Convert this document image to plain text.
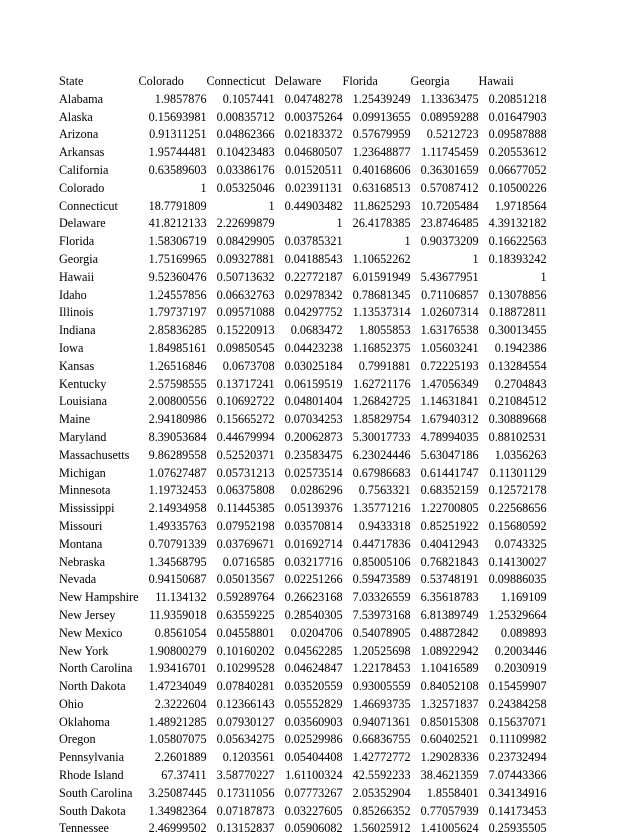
State	Colorado	Connecticut	Delaware	Florida	Georgia	Hawaii
Alabama	1.9857876	0.1057441	0.04748278	1.25439249	1.13363475	0.20851218
Alaska	0.15693981	0.00835712	0.00375264	0.09913655	0.08959288	0.01647903
Arizona	0.91311251	0.04862366	0.02183372	0.57679959	0.5212723	0.09587888
Arkansas	1.95744481	0.10423483	0.04680507	1.23648877	1.11745459	0.20553612
California	0.63589603	0.03386176	0.01520511	0.40168606	0.36301659	0.06677052
Colorado	1	0.05325046	0.02391131	0.63168513	0.57087412	0.10500226
Connecticut	18.7791809	1	0.44903482	11.8625293	10.7205484	1.9718564
Delaware	41.8212133	2.22699879	1	26.4178385	23.8746485	4.39132182
Florida	1.58306719	0.08429905	0.03785321	1	0.90373209	0.16622563
Georgia	1.75169965	0.09327881	0.04188543	1.10652262	1	0.18393242
Hawaii	9.52360476	0.50713632	0.22772187	6.01591949	5.43677951	1
Idaho	1.24557856	0.06632763	0.02978342	0.78681345	0.71106857	0.13078856
Illinois	1.79737197	0.09571088	0.04297752	1.13537314	1.02607314	0.18872811
Indiana	2.85836285	0.15220913	0.0683472	1.8055853	1.63176538	0.30013455
Iowa	1.84985161	0.09850545	0.04423238	1.16852375	1.05603241	0.1942386
Kansas	1.26516846	0.0673708	0.03025184	0.7991881	0.72225193	0.13284554
Kentucky	2.57598555	0.13717241	0.06159519	1.62721176	1.47056349	0.2704843
Louisiana	2.00800556	0.10692722	0.04801404	1.26842725	1.14631841	0.21084512
Maine	2.94180986	0.15665272	0.07034253	1.85829754	1.67940312	0.30889668
Maryland	8.39053684	0.44679994	0.20062873	5.30017733	4.78994035	0.88102531
Massachusetts	9.86289558	0.52520371	0.23583475	6.23024446	5.63047186	1.0356263
Michigan	1.07627487	0.05731213	0.02573514	0.67986683	0.61441747	0.11301129
Minnesota	1.19732453	0.06375808	0.0286296	0.7563321	0.68352159	0.12572178
Mississippi	2.14934958	0.11445385	0.05139376	1.35771216	1.22700805	0.22568656
Missouri	1.49335763	0.07952198	0.03570814	0.9433318	0.85251922	0.15680592
Montana	0.70791339	0.03769671	0.01692714	0.44717836	0.40412943	0.0743325
Nebraska	1.34568795	0.0716585	0.03217716	0.85005106	0.76821843	0.14130027
Nevada	0.94150687	0.05013567	0.02251266	0.59473589	0.53748191	0.09886035
New Hampshire	11.134132	0.59289764	0.26623168	7.03326559	6.35618783	1.169109
New Jersey	11.9359018	0.63559225	0.28540305	7.53973168	6.81389749	1.25329664
New Mexico	0.8561054	0.04558801	0.0204706	0.54078905	0.48872842	0.089893
New York	1.90800279	0.10160202	0.04562285	1.20525698	1.08922942	0.2003446
North Carolina	1.93416701	0.10299528	0.04624847	1.22178453	1.10416589	0.2030919
North Dakota	1.47234049	0.07840281	0.03520559	0.93005559	0.84052108	0.15459907
Ohio	2.3222604	0.12366143	0.05552829	1.46693735	1.32571837	0.24384258
Oklahoma	1.48921285	0.07930127	0.03560903	0.94071361	0.85015308	0.15637071
Oregon	1.05807075	0.05634275	0.02529986	0.66836755	0.60402521	0.11109982
Pennsylvania	2.2601889	0.1203561	0.05404408	1.42772772	1.29028336	0.23732494
Rhode Island	67.37411	3.58770227	1.61100324	42.5592233	38.4621359	7.07443366
South Carolina	3.25087445	0.17311056	0.07773267	2.05352904	1.8558401	0.34134916
South Dakota	1.34982364	0.07187873	0.03227605	0.85266352	0.77057939	0.14173453
Tennessee	2.46999502	0.13152837	0.05906082	1.56025912	1.41005624	0.25935505
